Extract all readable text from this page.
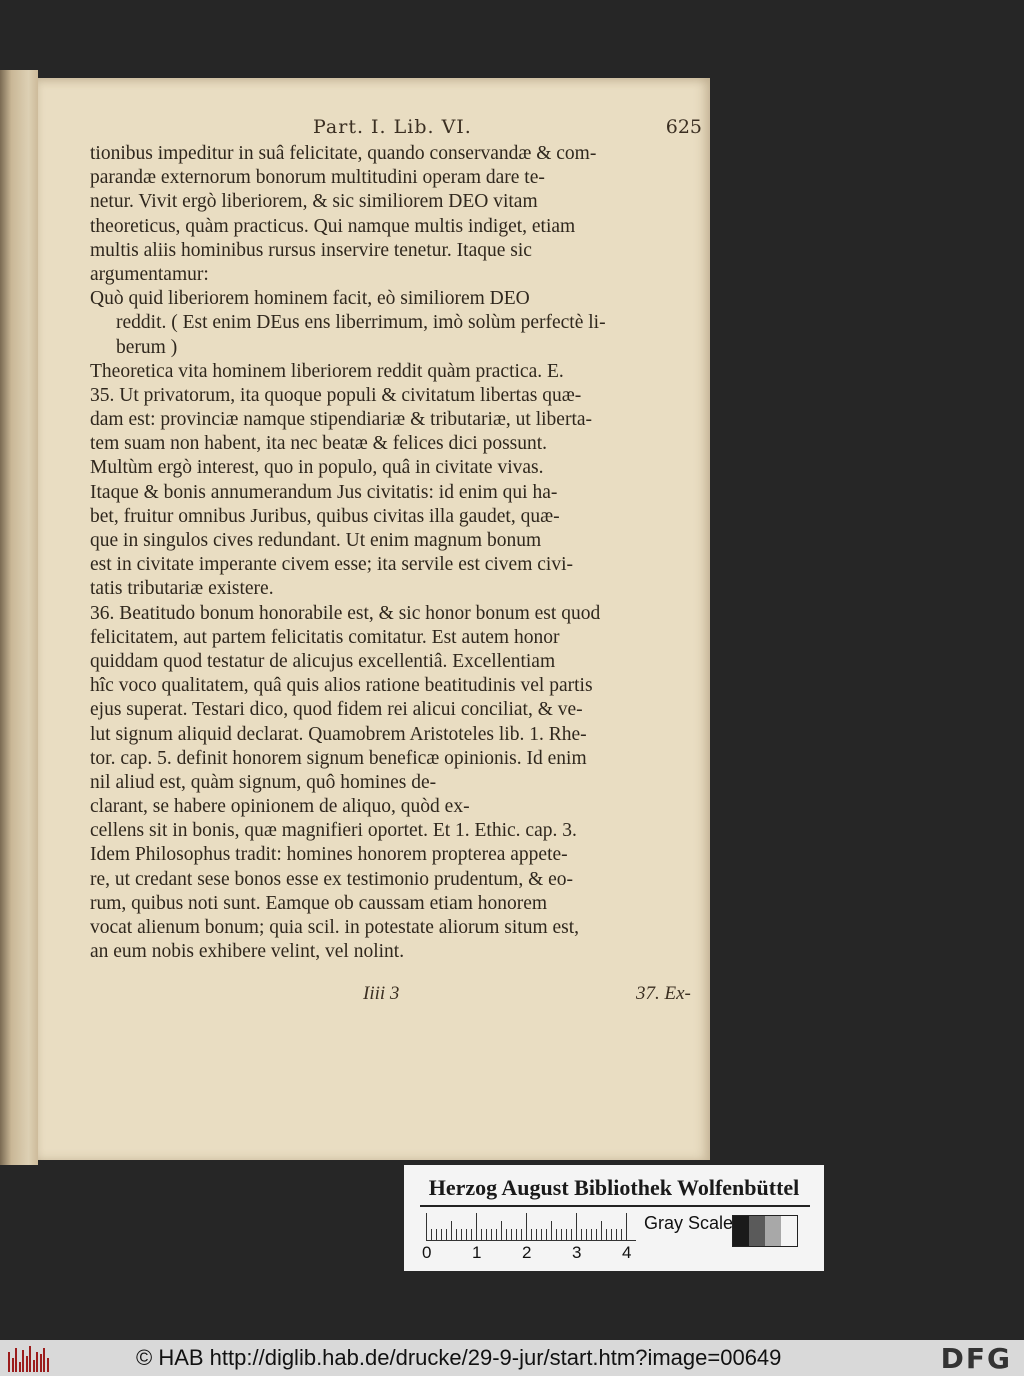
Part. I. Lib. VI.	625
tionibus impeditur in suâ felicitate, quando conservandæ & com-
parandæ externorum bonorum multitudini operam dare te-
netur. Vivit ergò liberiorem, & sic similiorem DEO vitam
theoreticus, quàm practicus. Qui namque multis indiget, etiam
multis aliis hominibus rursus inservire tenetur. Itaque sic
argumentamur:
Quò quid liberiorem hominem facit, eò similiorem DEO
reddit. ( Est enim DEus ens liberrimum, imò solùm perfectè li-
berum )
Theoretica vita hominem liberiorem reddit quàm practica. E.
35. Ut privatorum, ita quoque populi & civitatum libertas quæ-
dam est: provinciæ namque stipendiariæ & tributariæ, ut liberta-
tem suam non habent, ita nec beatæ & felices dici possunt.
Multùm ergò interest, quo in populo, quâ in civitate vivas.
Itaque & bonis annumerandum Jus civitatis: id enim qui ha-
bet, fruitur omnibus Juribus, quibus civitas illa gaudet, quæ-
que in singulos cives redundant. Ut enim magnum bonum
est in civitate imperante civem esse; ita servile est civem civi-
tatis tributariæ existere.
36. Beatitudo bonum honorabile est, & sic honor bonum est quod
felicitatem, aut partem felicitatis comitatur. Est autem honor
quiddam quod testatur de alicujus excellentiâ. Excellentiam
hîc voco qualitatem, quâ quis alios ratione beatitudinis vel partis
ejus superat. Testari dico, quod fidem rei alicui conciliat, & ve-
lut signum aliquid declarat. Quamobrem Aristoteles lib. 1. Rhe-
tor. cap. 5. definit honorem signum beneficæ opinionis. Id enim
nil aliud est, quàm signum, quô homines de-
clarant, se habere opinionem de aliquo, quòd ex-
cellens sit in bonis, quæ magnifieri oportet. Et 1. Ethic. cap. 3.
Idem Philosophus tradit: homines honorem propterea appete-
re, ut credant sese bonos esse ex testimonio prudentum, & eo-
rum, quibus noti sunt. Eamque ob caussam etiam honorem
vocat alienum bonum; quia scil. in potestate aliorum situm est,
an eum nobis exhibere velint, vel nolint.
Iiii 3	37. Ex-
Herzog August Bibliothek Wolfenbüttel
0 1 2 3 4
Gray Scale
© HAB http://diglib.hab.de/drucke/29-9-jur/start.htm?image=00649	DFG
